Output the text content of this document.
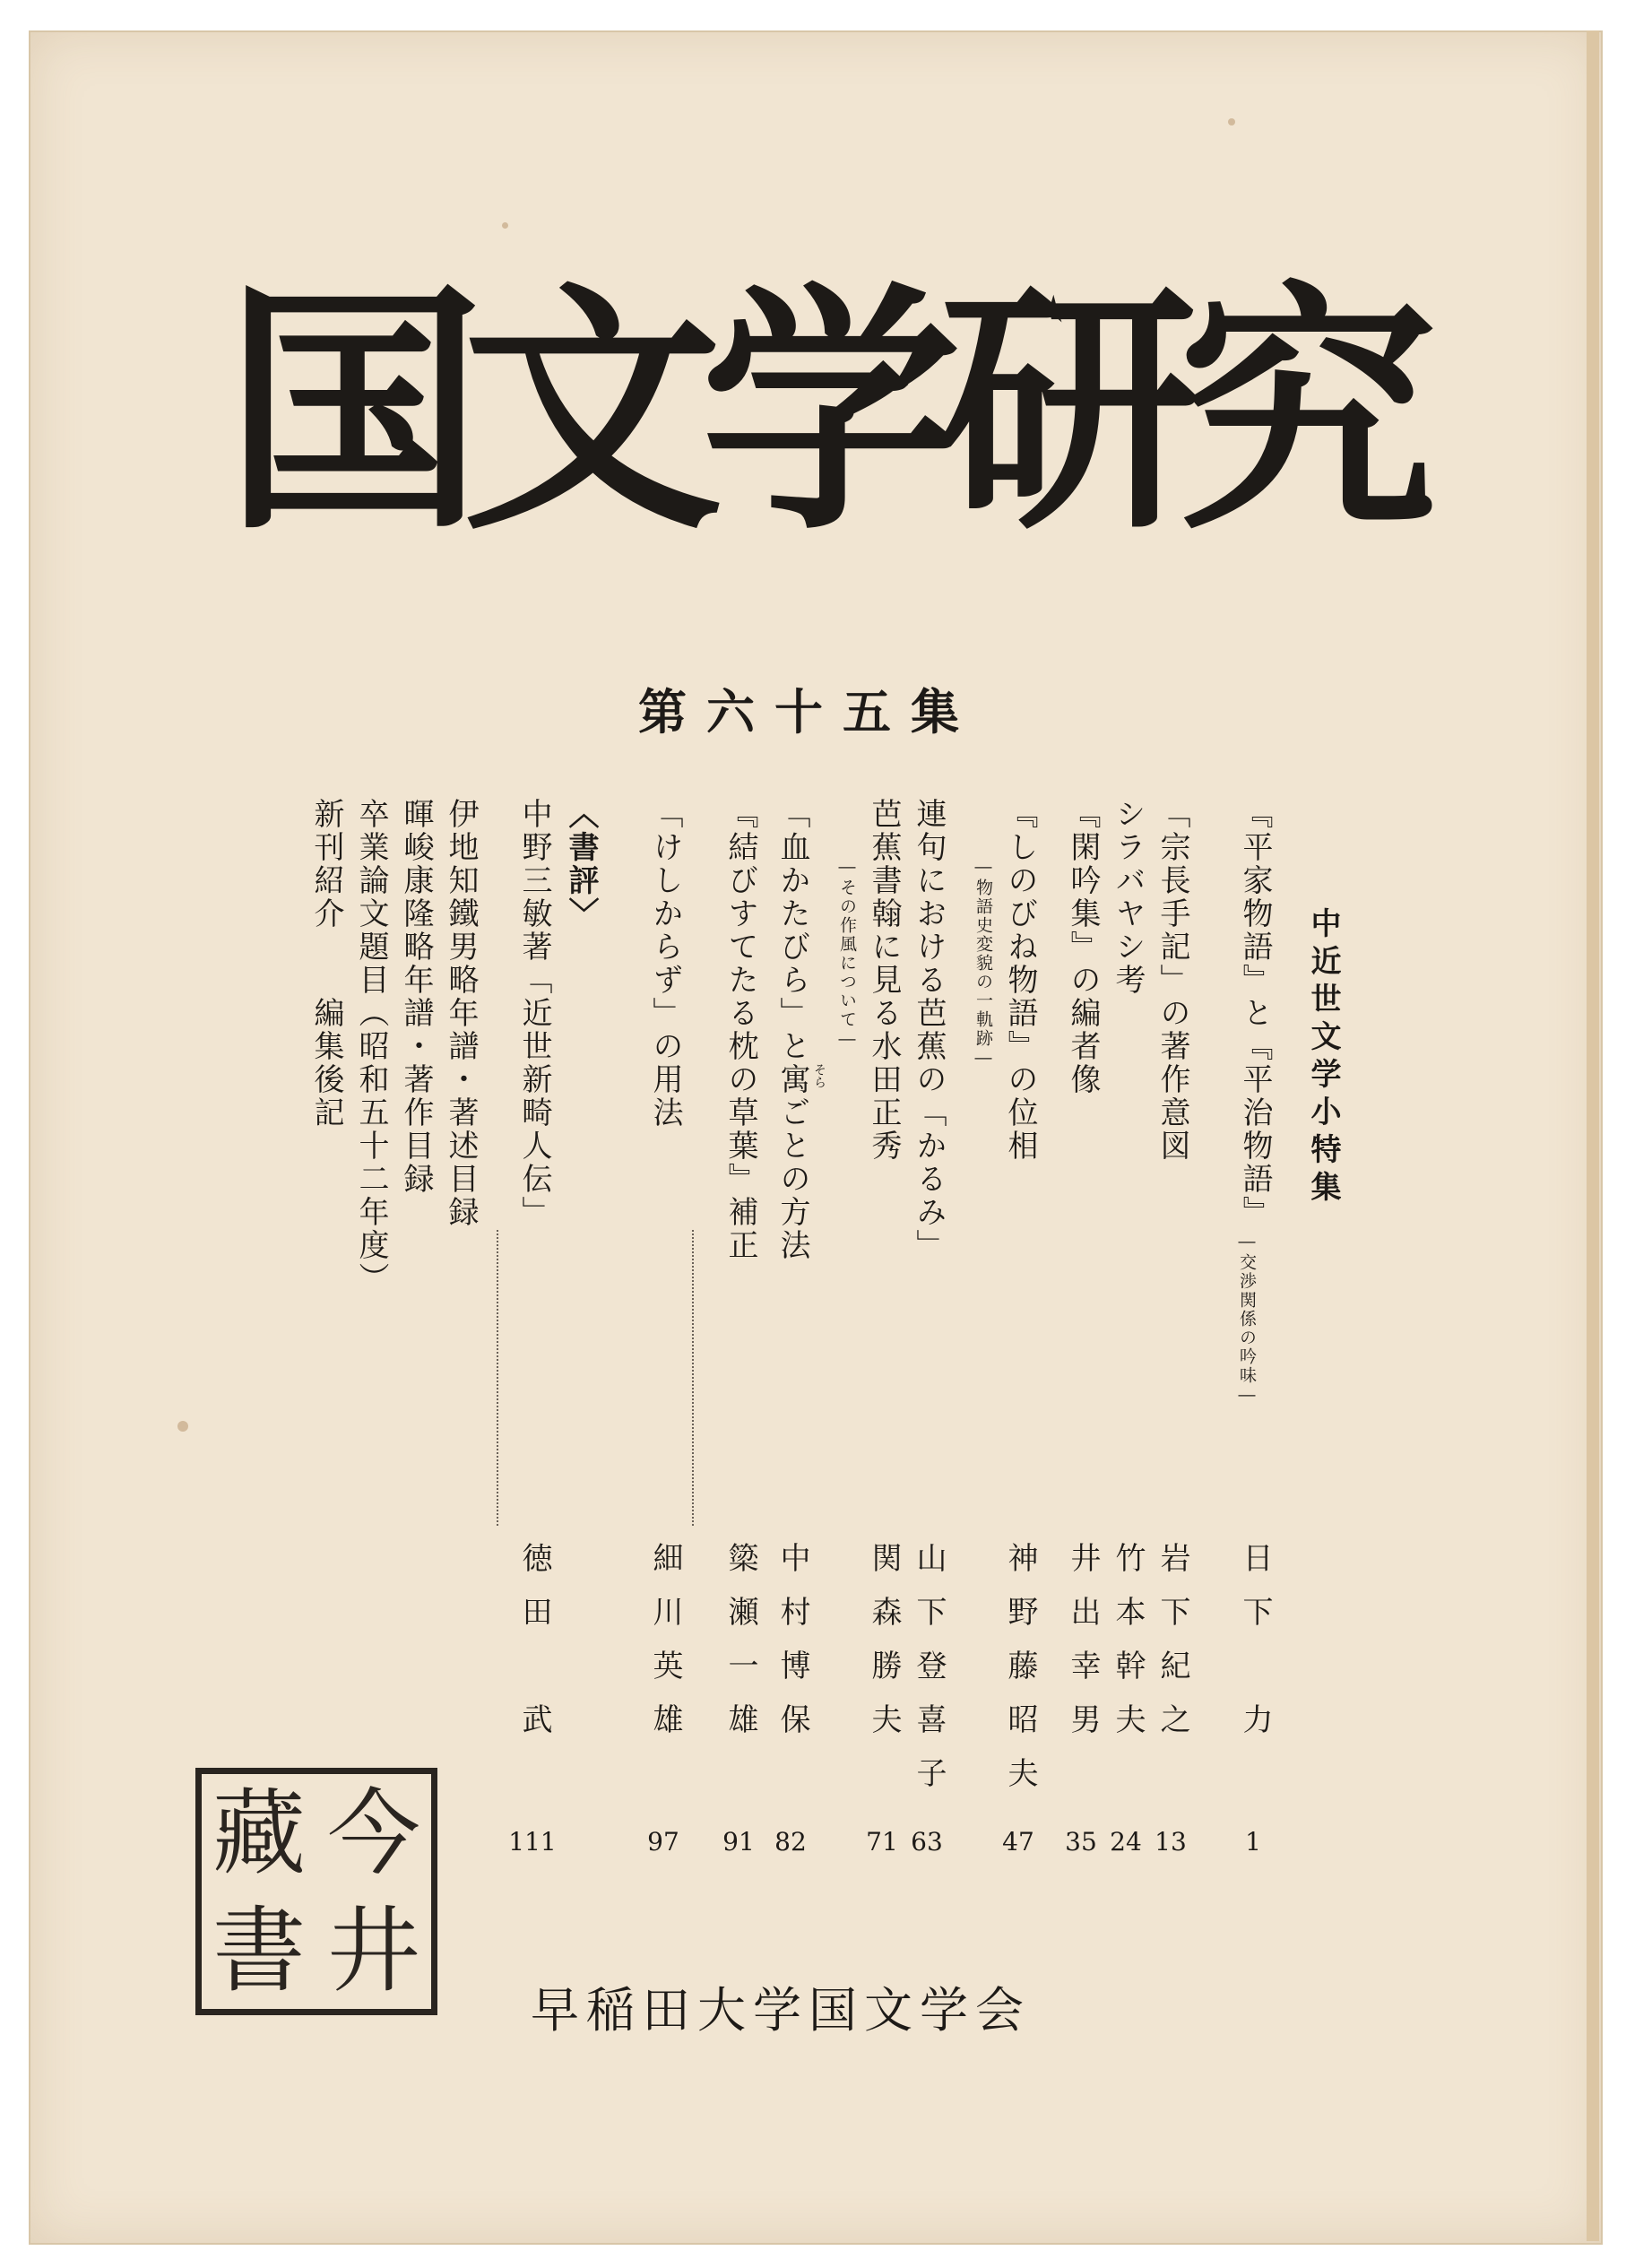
国
文
学
研
究
第六十五集
中近世文学小特集
『平家物語』と『平治物語』
―交渉関係の吟味―
日下　力
1
「宗長手記」の著作意図
岩下紀之
13
シラバヤシ考
竹本幹夫
24
『閑吟集』の編者像
井出幸男
35
『しのびね物語』の位相
―物語史変貌の一軌跡―
神野藤昭夫
47
連句における芭蕉の「かるみ」
山下登喜子
63
芭蕉書翰に見る水田正秀
―その作風について―
関森勝夫
71
「血かたびら」と寓ごとの方法 そら
中村博保
82
『結びすてたる枕の草葉』補正
簗瀬一雄
91
「けしからず」の用法
細川英雄
97
〈書評〉
中野三敏著「近世新畸人伝」
徳田　武
111
伊地知鐵男略年譜・著述目録
暉峻康隆略年譜・著作目録
卒業論文題目（昭和五十二年度）
新刊紹介　　編集後記
今
藏
井
書
早稲田大学国文学会
